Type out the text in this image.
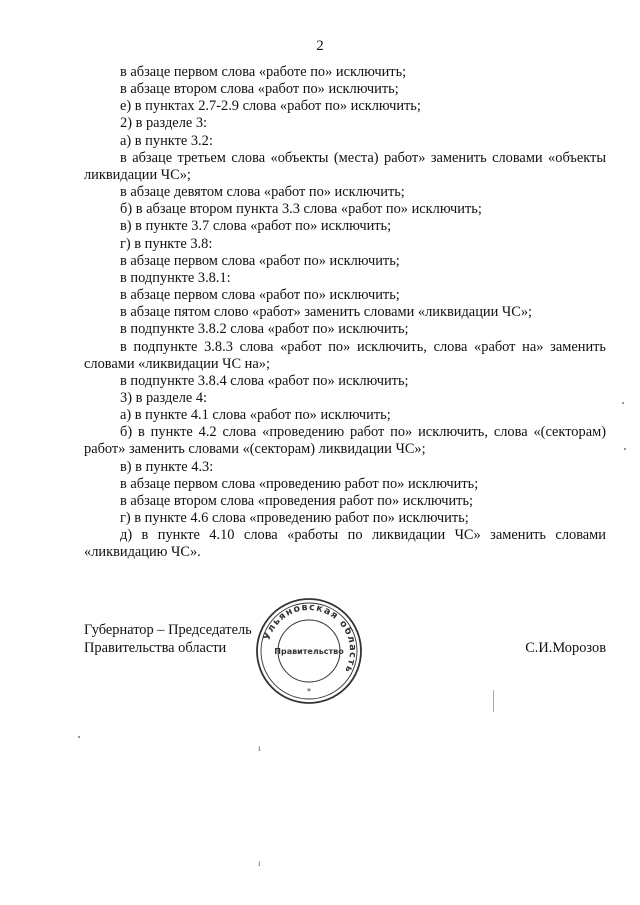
2

в абзаце первом слова «работе по» исключить;

в абзаце втором слова «работ по» исключить;

е) в пунктах 2.7-2.9 слова «работ по» исключить;

2) в разделе 3:

а) в пункте 3.2:

в абзаце третьем слова «объекты (места) работ» заменить словами «объекты ликвидации ЧС»;

в абзаце девятом слова «работ по» исключить;

б) в абзаце втором пункта 3.3 слова «работ по» исключить;

в) в пункте 3.7 слова «работ по» исключить;

г) в пункте 3.8:

в абзаце первом слова «работ по» исключить;

в подпункте 3.8.1:

в абзаце первом слова «работ по» исключить;

в абзаце пятом слово «работ» заменить словами «ликвидации ЧС»;

в подпункте 3.8.2 слова «работ по» исключить;

в подпункте 3.8.3 слова «работ по» исключить, слова «работ на» заменить словами «ликвидации ЧС на»;

в подпункте 3.8.4 слова «работ по» исключить;

3) в разделе 4:

а) в пункте 4.1 слова «работ по» исключить;

б) в пункте 4.2 слова «проведению работ по» исключить, слова «(секторам) работ» заменить словами «(секторам) ликвидации ЧС»;

в) в пункте 4.3:

в абзаце первом слова «проведению работ по» исключить;

в абзаце втором слова «проведения работ по» исключить;

г) в пункте 4.6 слова «проведению работ по» исключить;

д) в пункте 4.10 слова «работы по ликвидации ЧС» заменить словами «ликвидацию ЧС».

Губернатор – Председатель
Правительства области	С.И.Морозов
Ульяновская область
Правительство
*
ı
ı
